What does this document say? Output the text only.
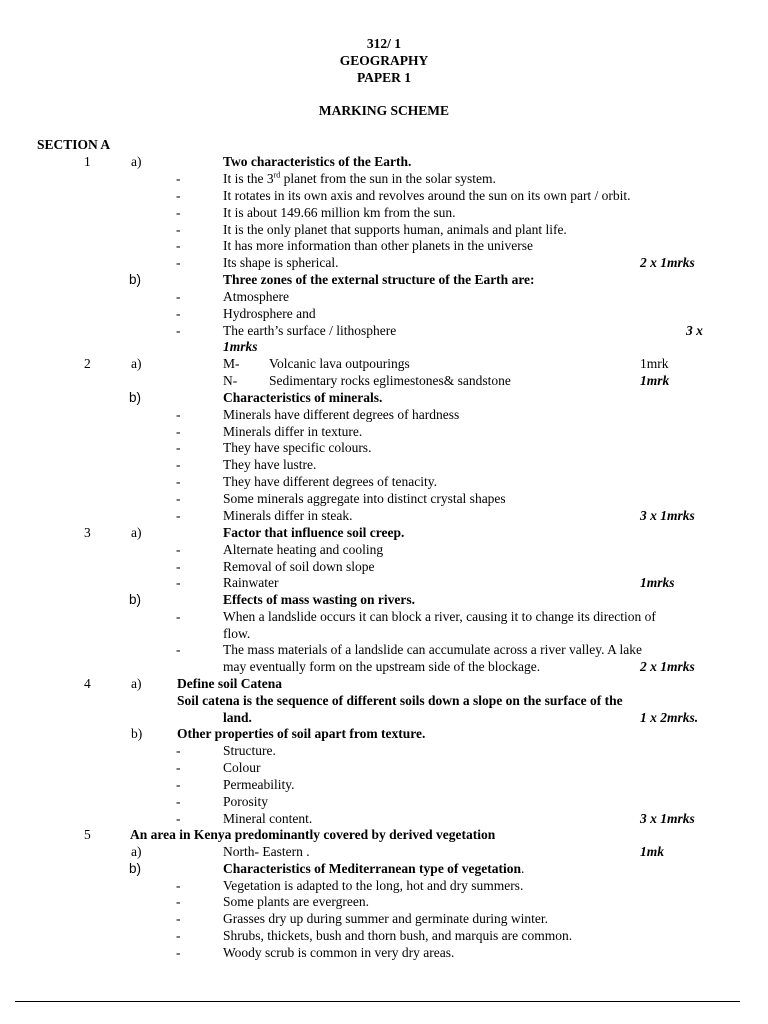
312/ 1
GEOGRAPHY
PAPER 1
MARKING SCHEME
SECTION A
1	a)	Two characteristics of the Earth.
-	It is the 3rd planet from the sun in the solar system.
-	It rotates in its own axis and revolves around the sun on its own part / orbit.
-	It is about 149.66 million km from the sun.
-	It is the only planet that supports human, animals and plant life.
-	It has more information than other planets in the universe
-	Its shape is spherical.	2 x 1mrks
b)	Three zones of the external structure of the Earth are:
-	Atmosphere
-	Hydrosphere and
-	The earth’s surface / lithosphere	3 x
1mrks
2	a)	M- Volcanic lava outpourings	1mrk
N- Sedimentary rocks eglimestones& sandstone	1mrk
b)	Characteristics of minerals.
-	Minerals have different degrees of hardness
-	Minerals differ in texture.
-	They have specific colours.
-	They have lustre.
-	They have different degrees of tenacity.
-	Some minerals aggregate into distinct crystal shapes
-	Minerals differ in steak.	3 x 1mrks
3	a)	Factor that influence soil creep.
-	Alternate heating and cooling
-	Removal of soil down slope
-	Rainwater	1mrks
b)	Effects of mass wasting on rivers.
-	When a landslide occurs it can block a river, causing it to change its direction of
flow.
-	The mass materials of a landslide can accumulate across a river valley. A lake
may eventually form on the upstream side of the blockage.	2 x 1mrks
4	a)	Define soil Catena
Soil catena is the sequence of different soils down a slope on the surface of the
land.	1 x 2mrks.
b)	Other properties of soil apart from texture.
-	Structure.
-	Colour
-	Permeability.
-	Porosity
-	Mineral content.	3 x 1mrks
5	An area in Kenya predominantly covered by derived vegetation
a)	North- Eastern .	1mk
b)	Characteristics of Mediterranean type of vegetation.
-	Vegetation is adapted to the long, hot and dry summers.
-	Some plants are evergreen.
-	Grasses dry up during summer and germinate during winter.
-	Shrubs, thickets, bush and thorn bush, and marquis are common.
-	Woody scrub is common in very dry areas.
